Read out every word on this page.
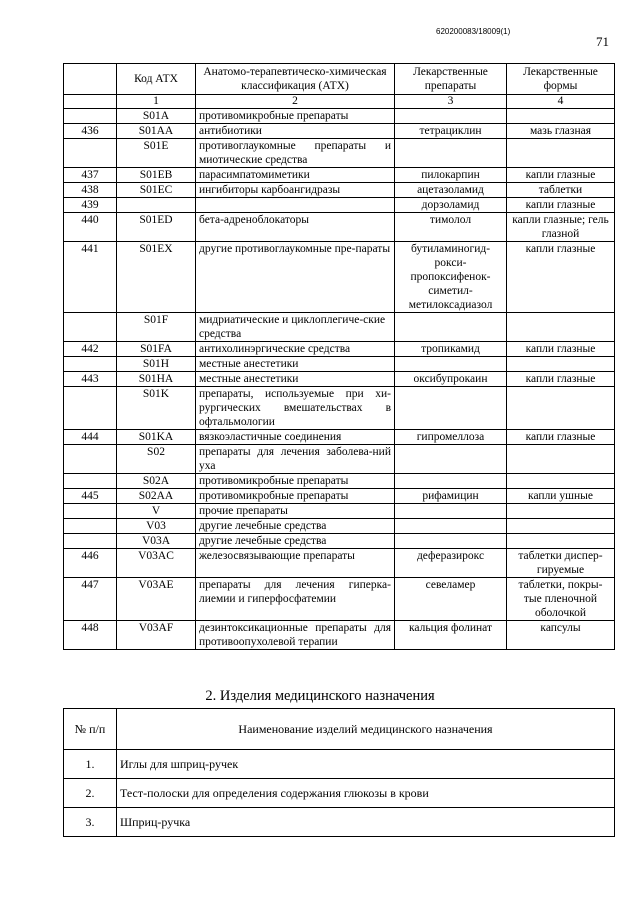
620200083/18009(1)
71
	Код АТХ	Анатомо-терапевтическо-химическая классификация (АТХ)	Лекарственные препараты	Лекарственные формы
	1	2	3	4
	S01A	противомикробные препараты		
436	S01AA	антибиотики	тетрациклин	мазь глазная
	S01E	противоглаукомные препараты и миотические средства		
437	S01EB	парасимпатомиметики	пилокарпин	капли глазные
438	S01EC	ингибиторы карбоангидразы	ацетазоламид	таблетки
439			дорзоламид	капли глазные
440	S01ED	бета-адреноблокаторы	тимолол	капли глазные; гель глазной
441	S01EX	другие противоглаукомные пре-параты	бутиламиногид-рокси-пропоксифенок-симетил-метилоксадиазол	капли глазные
	S01F	мидриатические и циклоплегиче-ские средства		
442	S01FA	антихолинэргические средства	тропикамид	капли глазные
	S01H	местные анестетики		
443	S01HA	местные анестетики	оксибупрокаин	капли глазные
	S01K	препараты, используемые при хи-рургических вмешательствах в офтальмологии		
444	S01KA	вязкоэластичные соединения	гипромеллоза	капли глазные
	S02	препараты для лечения заболева-ний уха		
	S02A	противомикробные препараты		
445	S02AA	противомикробные препараты	рифамицин	капли ушные
	V	прочие препараты		
	V03	другие лечебные средства		
	V03A	другие лечебные средства		
446	V03AC	железосвязывающие препараты	деферазирокс	таблетки диспер-гируемые
447	V03AE	препараты для лечения гиперка-лиемии и гиперфосфатемии	севеламер	таблетки, покры-тые пленочной оболочкой
448	V03AF	дезинтоксикационные препараты для противоопухолевой терапии	кальция фолинат	капсулы
2. Изделия медицинского назначения
№ п/п	Наименование изделий медицинского назначения
1.	Иглы для шприц-ручек
2.	Тест-полоски для определения содержания глюкозы в крови
3.	Шприц-ручка
